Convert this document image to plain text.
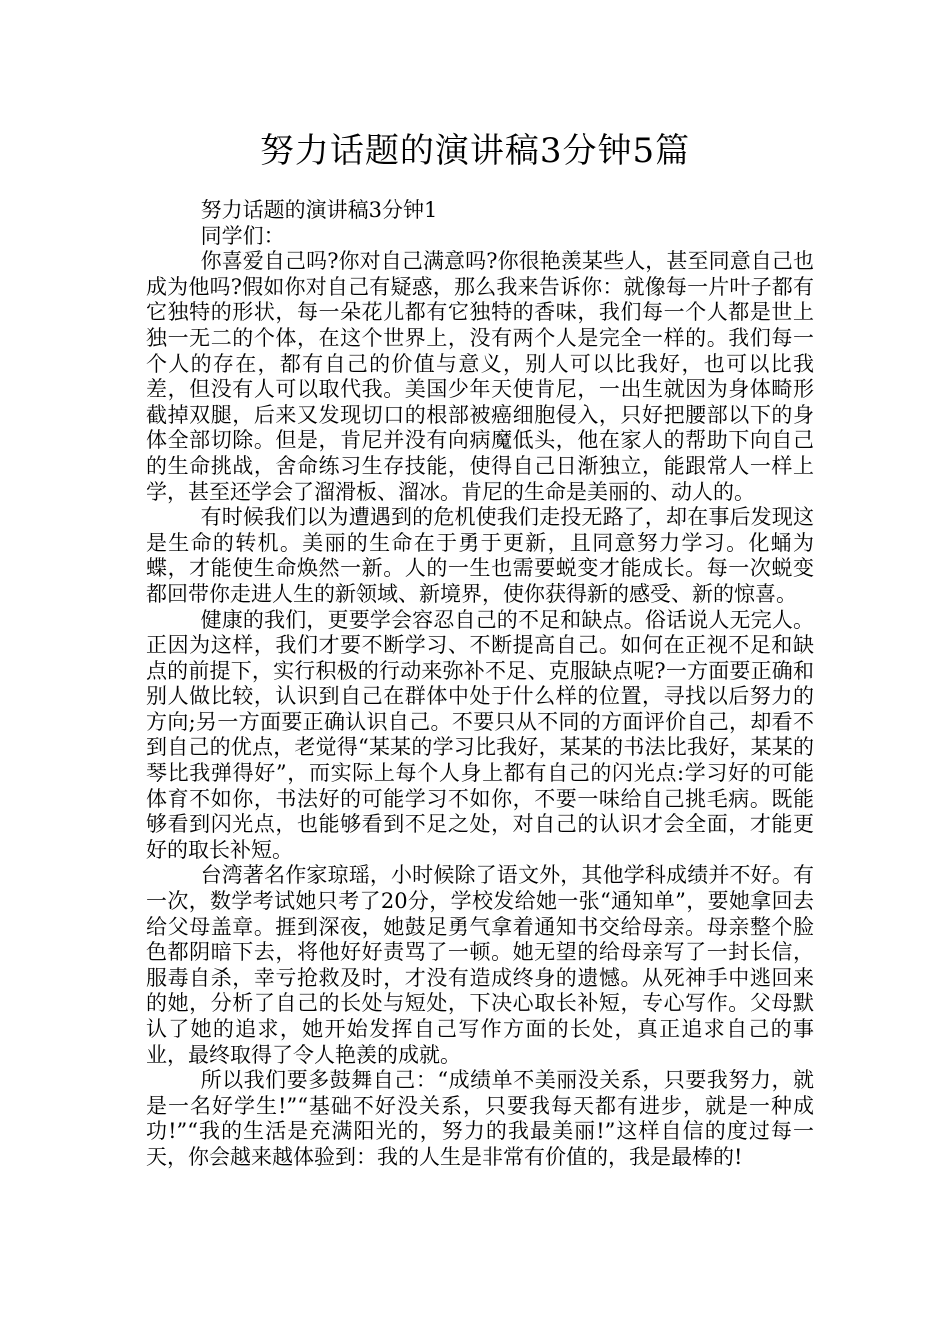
努力话题的演讲稿3分钟5篇

努力话题的演讲稿3分钟1

同学们：

你喜爱自己吗?你对自己满意吗?你很艳羡某些人，甚至同意自己也成为他吗?假如你对自己有疑惑，那么我来告诉你：就像每一片叶子都有它独特的形状，每一朵花儿都有它独特的香味，我们每一个人都是世上独一无二的个体，在这个世界上，没有两个人是完全一样的。我们每一个人的存在，都有自己的价值与意义，别人可以比我好，也可以比我差，但没有人可以取代我。美国少年天使肯尼，一出生就因为身体畸形截掉双腿，后来又发现切口的根部被癌细胞侵入，只好把腰部以下的身体全部切除。但是，肯尼并没有向病魔低头，他在家人的帮助下向自己的生命挑战，舍命练习生存技能，使得自己日渐独立，能跟常人一样上学，甚至还学会了溜滑板、溜冰。肯尼的生命是美丽的、动人的。

有时候我们以为遭遇到的危机使我们走投无路了，却在事后发现这是生命的转机。美丽的生命在于勇于更新，且同意努力学习。化蛹为蝶，才能使生命焕然一新。人的一生也需要蜕变才能成长。每一次蜕变都回带你走进人生的新领域、新境界，使你获得新的感受、新的惊喜。

健康的我们，更要学会容忍自己的不足和缺点。俗话说人无完人。正因为这样，我们才要不断学习、不断提高自己。如何在正视不足和缺点的前提下，实行积极的行动来弥补不足、克服缺点呢?一方面要正确和别人做比较，认识到自己在群体中处于什么样的位置，寻找以后努力的方向;另一方面要正确认识自己。不要只从不同的方面评价自己，却看不到自己的优点，老觉得“某某的学习比我好，某某的书法比我好，某某的琴比我弹得好”，而实际上每个人身上都有自己的闪光点:学习好的可能体育不如你，书法好的可能学习不如你，不要一味给自己挑毛病。既能够看到闪光点，也能够看到不足之处，对自己的认识才会全面，才能更好的取长补短。

台湾著名作家琼瑶，小时候除了语文外，其他学科成绩并不好。有一次，数学考试她只考了20分，学校发给她一张“通知单”，要她拿回去给父母盖章。捱到深夜，她鼓足勇气拿着通知书交给母亲。母亲整个脸色都阴暗下去，将他好好责骂了一顿。她无望的给母亲写了一封长信，服毒自杀，幸亏抢救及时，才没有造成终身的遗憾。从死神手中逃回来的她，分析了自己的长处与短处，下决心取长补短，专心写作。父母默认了她的追求，她开始发挥自己写作方面的长处，真正追求自己的事业，最终取得了令人艳羡的成就。

所以我们要多鼓舞自己：“成绩单不美丽没关系，只要我努力，就是一名好学生!”“基础不好没关系，只要我每天都有进步，就是一种成功!”“我的生活是充满阳光的，努力的我最美丽!”这样自信的度过每一天，你会越来越体验到：我的人生是非常有价值的，我是最棒的!
